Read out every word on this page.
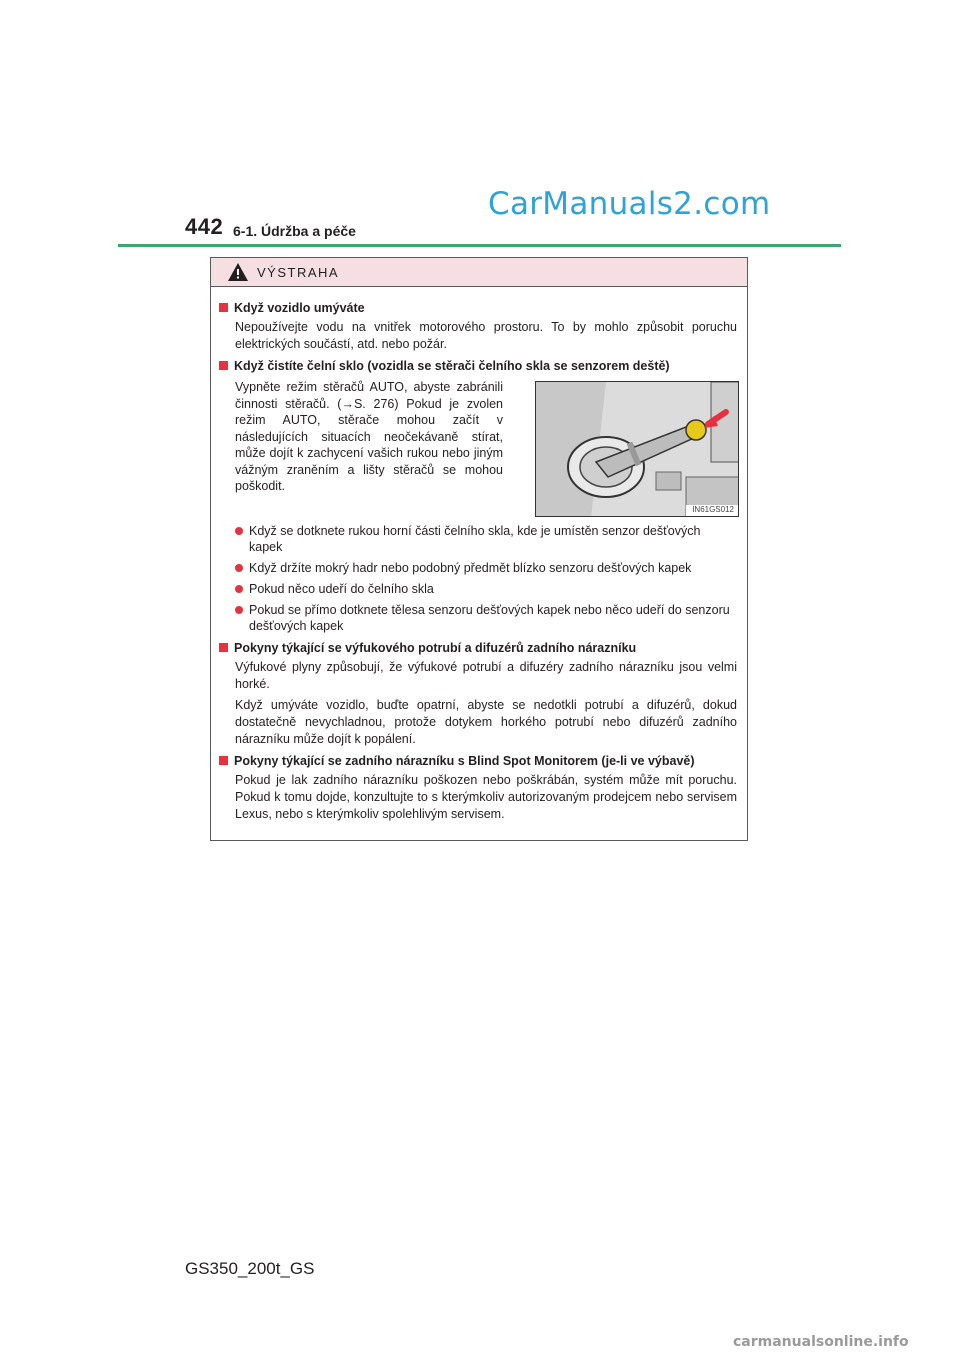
442 6-1. Údržba a péče
CarManuals2.com
VÝSTRAHA
Když vozidlo umýváte

Nepoužívejte vodu na vnitřek motorového prostoru. To by mohlo způsobit poruchu elektrických součástí, atd. nebo požár.

Když čistíte čelní sklo (vozidla se stěrači čelního skla se senzorem deště)

Vypněte režim stěračů AUTO, abyste zabránili činnosti stěračů. (→S. 276) Pokud je zvolen režim AUTO, stěrače mohou začít v následujících situacích neočekávaně stírat, může dojít k zachycení vašich rukou nebo jiným vážným zraněním a lišty stěračů se mohou poškodit.

IN61GS012
Když se dotknete rukou horní části čelního skla, kde je umístěn senzor dešťových kapek
Když držíte mokrý hadr nebo podobný předmět blízko senzoru dešťových kapek
Pokud něco udeří do čelního skla
Pokud se přímo dotknete tělesa senzoru dešťových kapek nebo něco udeří do senzoru dešťových kapek
Pokyny týkající se výfukového potrubí a difuzérů zadního nárazníku

Výfukové plyny způsobují, že výfukové potrubí a difuzéry zadního nárazníku jsou velmi horké.

Když umýváte vozidlo, buďte opatrní, abyste se nedotkli potrubí a difuzérů, dokud dostatečně nevychladnou, protože dotykem horkého potrubí nebo difuzérů zadního nárazníku může dojít k popálení.

Pokyny týkající se zadního nárazníku s Blind Spot Monitorem (je-li ve výbavě)

Pokud je lak zadního nárazníku poškozen nebo poškrábán, systém může mít poruchu. Pokud k tomu dojde, konzultujte to s kterýmkoliv autorizovaným prodejcem nebo servisem Lexus, nebo s kterýmkoliv spolehlivým servisem.

GS350_200t_GS
carmanualsonline.info
